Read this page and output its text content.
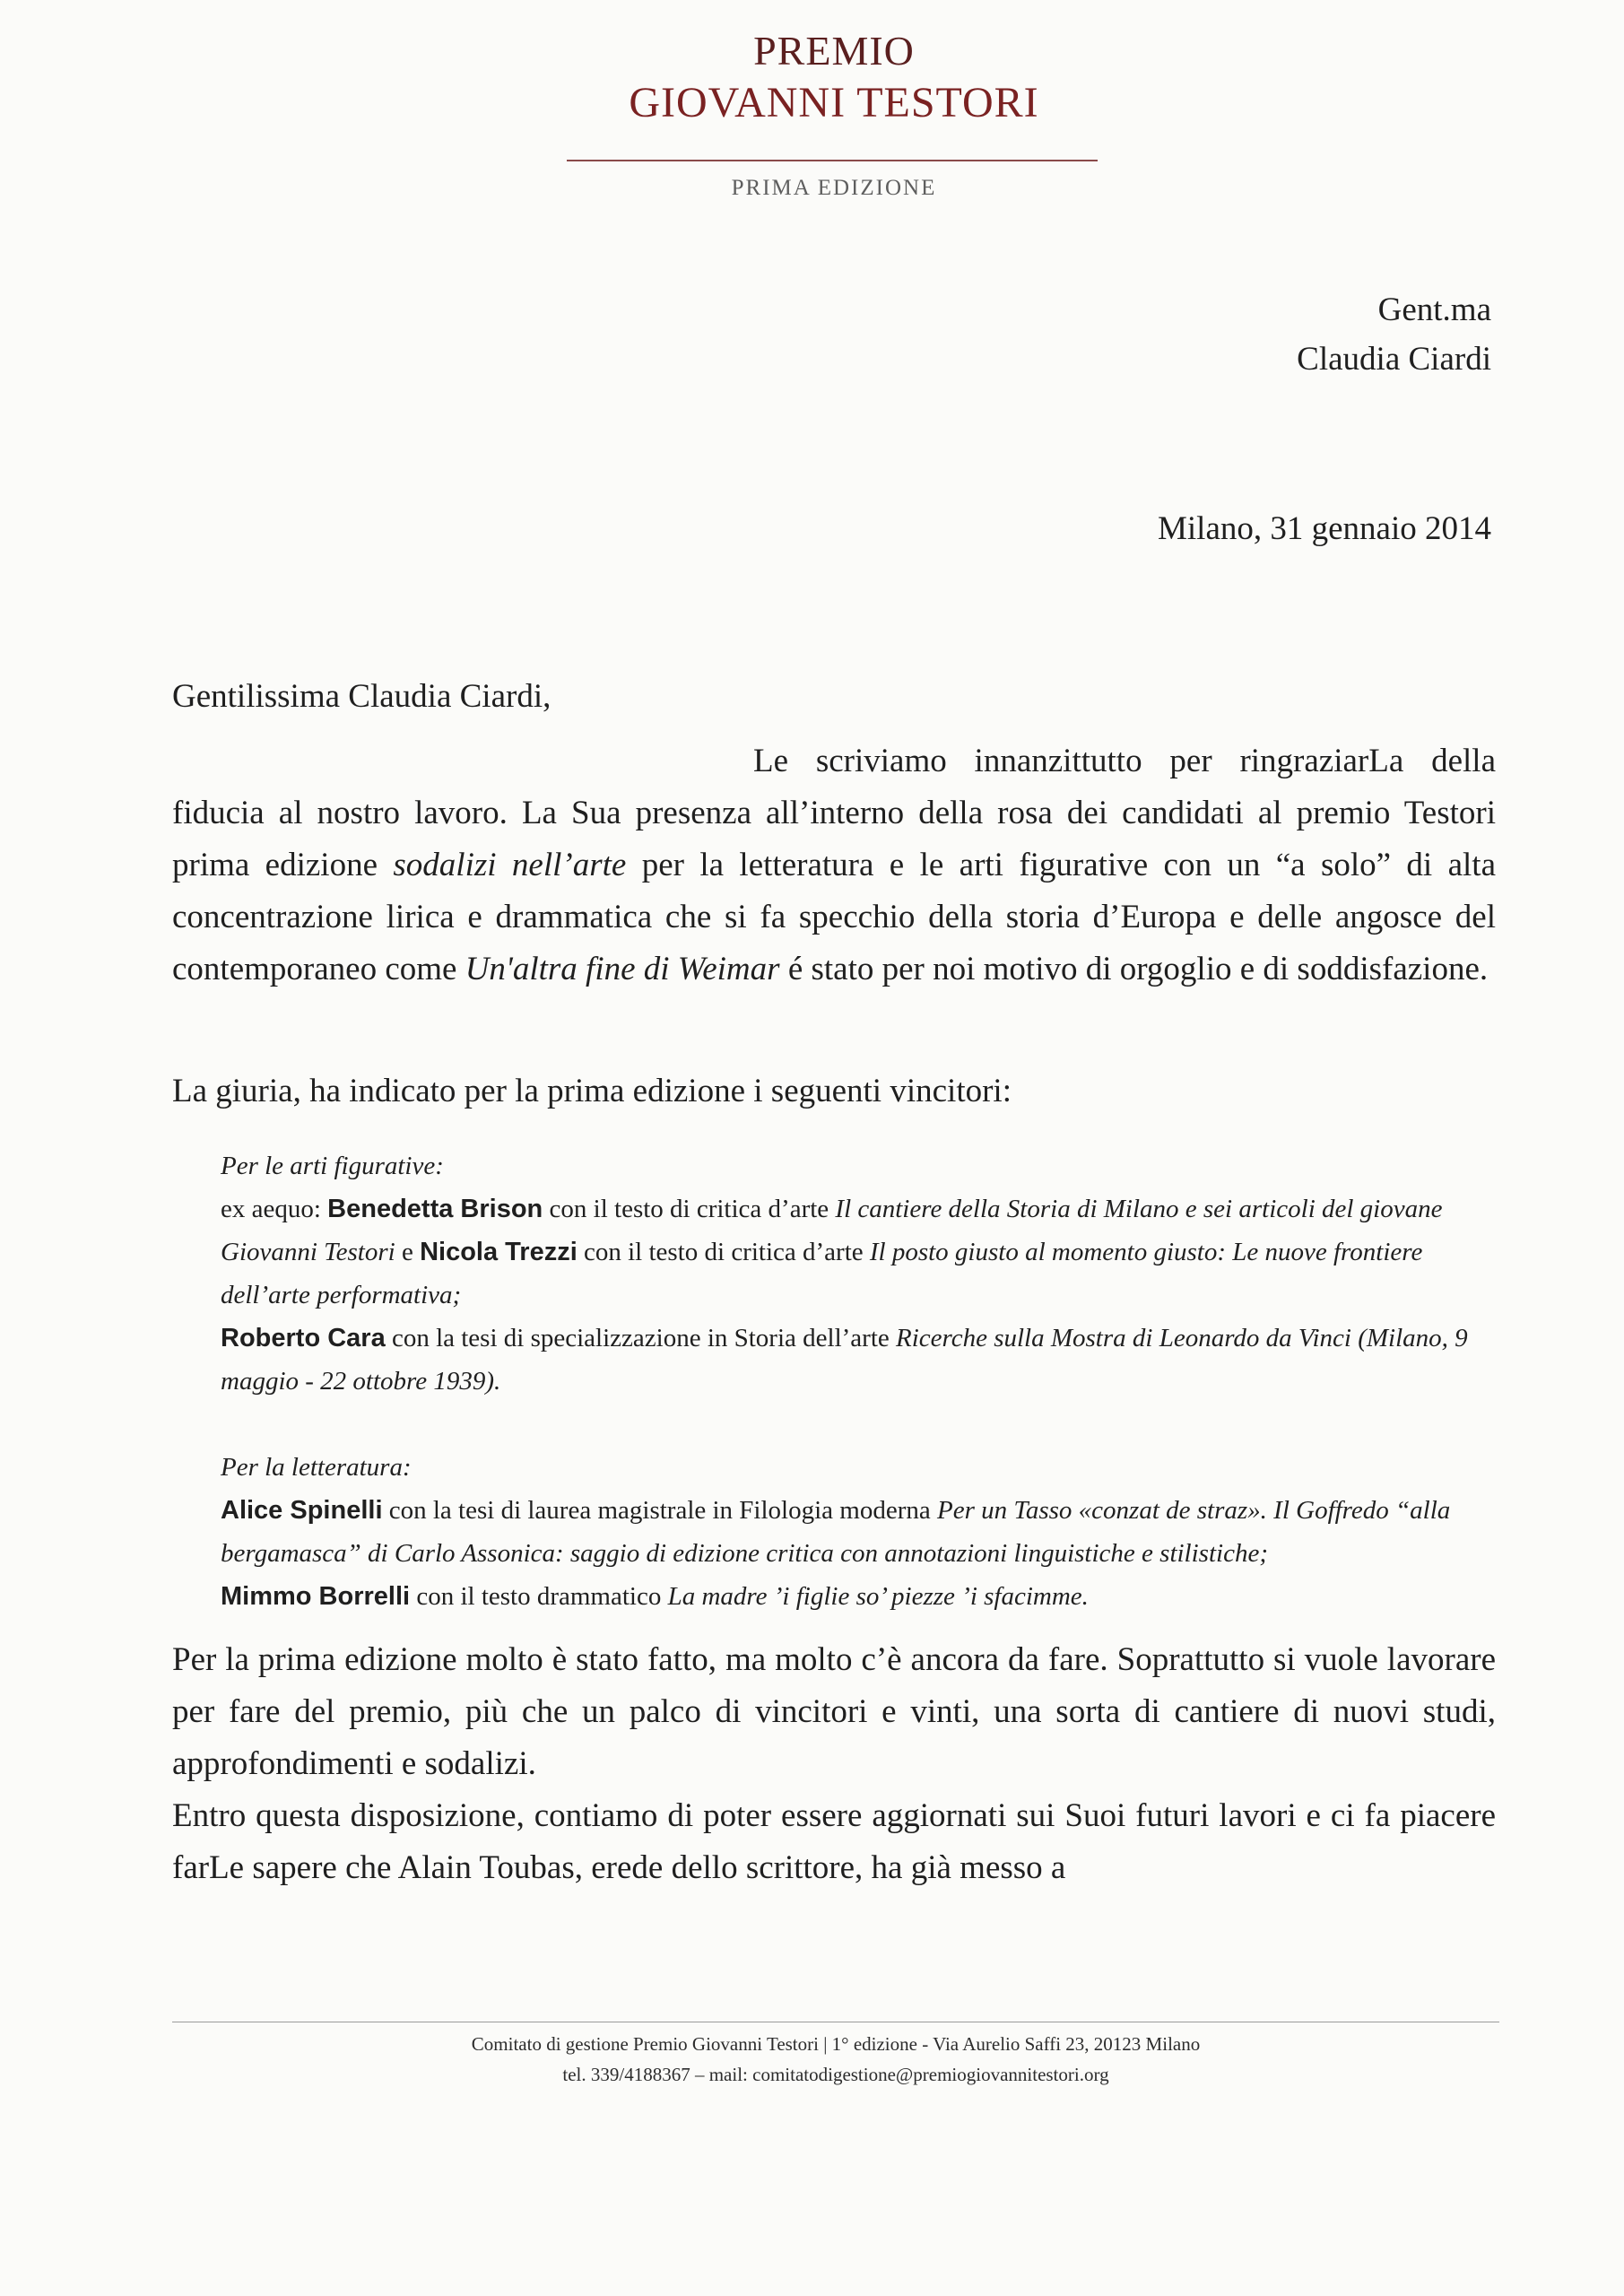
PREMIO
GIOVANNI TESTORI
PRIMA EDIZIONE
Gent.ma
Claudia Ciardi
Milano, 31 gennaio 2014
Gentilissima Claudia Ciardi,
Le scriviamo innanzittutto per ringraziarLa della fiducia al nostro lavoro. La Sua presenza all’interno della rosa dei candidati al premio Testori prima edizione sodalizi nell’arte per la letteratura e le arti figurative con un “a solo” di alta concentrazione lirica e drammatica che si fa specchio della storia d’Europa e delle angosce del contemporaneo come Un'altra fine di Weimar é stato per noi motivo di orgoglio e di soddisfazione.
La giuria, ha indicato per la prima edizione i seguenti vincitori:
Per le arti figurative:
ex aequo: Benedetta Brison con il testo di critica d’arte Il cantiere della Storia di Milano e sei articoli del giovane Giovanni Testori e Nicola Trezzi con il testo di critica d’arte Il posto giusto al momento giusto: Le nuove frontiere dell’arte performativa;
Roberto Cara con la tesi di specializzazione in Storia dell’arte Ricerche sulla Mostra di Leonardo da Vinci (Milano, 9 maggio - 22 ottobre 1939).
Per la letteratura:
Alice Spinelli con la tesi di laurea magistrale in Filologia moderna Per un Tasso «conzat de straz». Il Goffredo “alla bergamasca” di Carlo Assonica: saggio di edizione critica con annotazioni linguistiche e stilistiche;
Mimmo Borrelli con il testo drammatico La madre ’i figlie so’ piezze ’i sfacimme.
Per la prima edizione molto è stato fatto, ma molto c’è ancora da fare. Soprattutto si vuole lavorare per fare del premio, più che un palco di vincitori e vinti, una sorta di cantiere di nuovi studi, approfondimenti e sodalizi.
Entro questa disposizione, contiamo di poter essere aggiornati sui Suoi futuri lavori e ci fa piacere farLe sapere che Alain Toubas, erede dello scrittore, ha già messo a
Comitato di gestione Premio Giovanni Testori | 1° edizione - Via Aurelio Saffi 23, 20123 Milano
tel. 339/4188367 – mail: comitatodigestione@premiogiovannitestori.org
